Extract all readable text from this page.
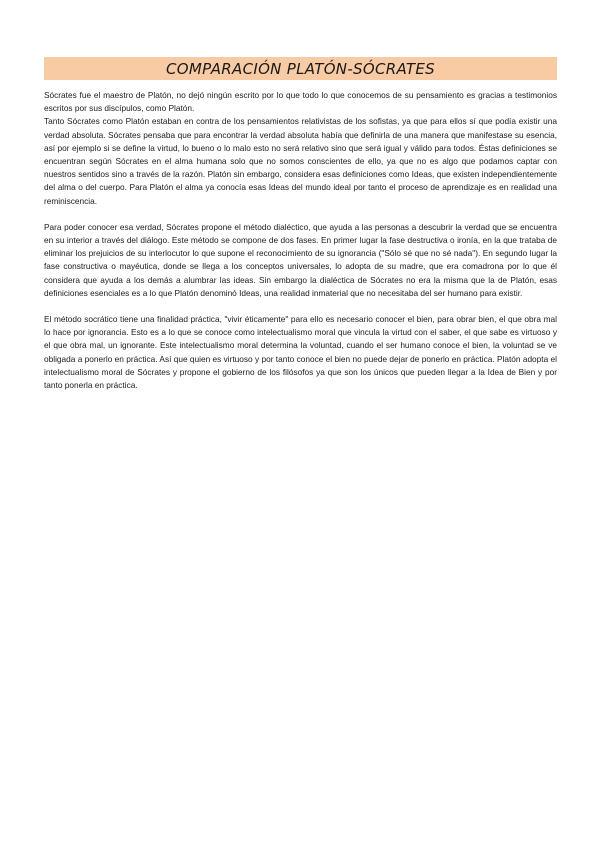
COMPARACIÓN PLATÓN-SÓCRATES

Sócrates fue el maestro de Platón, no dejó ningún escrito por lo que todo lo que conocemos de su pensamiento es gracias a testimonios escritos por sus discípulos, como Platón.

Tanto Sócrates como Platón estaban en contra de los pensamientos relativistas de los sofistas, ya que para ellos sí que podía existir una verdad absoluta. Sócrates pensaba que para encontrar la verdad absoluta había que definirla de una manera que manifestase su esencia, así por ejemplo si se define la virtud, lo bueno o lo malo esto no será relativo sino que será igual y válido para todos. Éstas definiciones se encuentran según Sócrates en el alma humana solo que no somos conscientes de ello, ya que no es algo que podamos captar con nuestros sentidos sino a través de la razón. Platón sin embargo, considera esas definiciones como Ideas, que existen independientemente del alma o del cuerpo. Para Platón el alma ya conocía esas Ideas del mundo ideal por tanto el proceso de aprendizaje es en realidad una reminiscencia.

Para poder conocer esa verdad, Sócrates propone el método dialéctico, que ayuda a las personas a descubrir la verdad que se encuentra en su interior a través del diálogo. Este método se compone de dos fases. En primer lugar la fase destructiva o ironía, en la que trataba de eliminar los prejuicios de su interlocutor lo que supone el reconocimiento de su ignorancia ("Sólo sé que no sé nada"). En segundo lugar la fase constructiva o mayéutica, donde se llega a los conceptos universales, lo adopta de su madre, que era comadrona por lo que él considera que ayuda a los demás a alumbrar las ideas. Sin embargo la dialéctica de Sócrates no era la misma que la de Platón, esas definiciones esenciales es a lo que Platón denominó Ideas, una realidad inmaterial que no necesitaba del ser humano para existir.

El método socrático tiene una finalidad práctica, "vivir éticamente" para ello es necesario conocer el bien, para obrar bien, el que obra mal lo hace por ignorancia. Esto es a lo que se conoce como intelectualismo moral que vincula la virtud con el saber, el que sabe es virtuoso y el que obra mal, un ignorante. Este intelectualismo moral determina la voluntad, cuando el ser humano conoce el bien, la voluntad se ve obligada a ponerlo en práctica. Así que quien es virtuoso y por tanto conoce el bien no puede dejar de ponerlo en práctica. Platón adopta el intelectualismo moral de Sócrates y propone el gobierno de los filósofos ya que son los únicos que pueden llegar a la Idea de Bien y por tanto ponerla en práctica.
